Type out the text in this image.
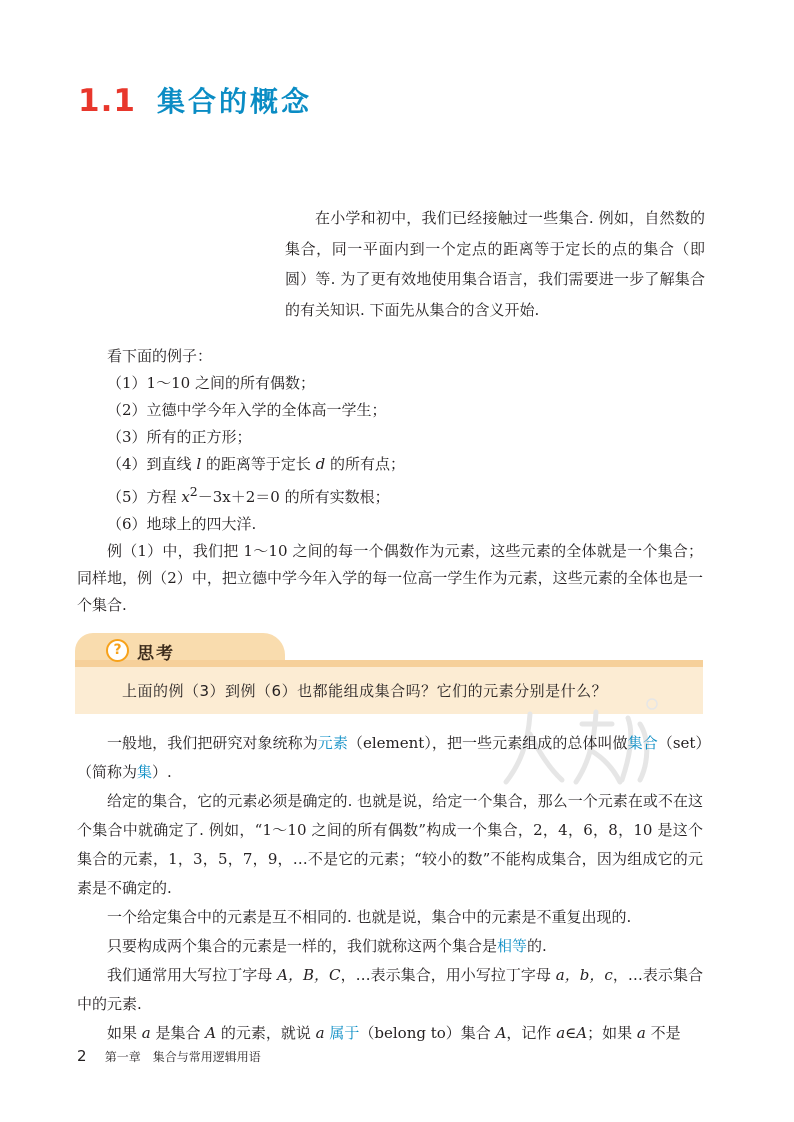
1.1 集合的概念

在小学和初中，我们已经接触过一些集合. 例如，自然数的集合，同一平面内到一个定点的距离等于定长的点的集合（即圆）等. 为了更有效地使用集合语言，我们需要进一步了解集合的有关知识. 下面先从集合的含义开始.

看下面的例子：

（1）1～10 之间的所有偶数；

（2）立德中学今年入学的全体高一学生；

（3）所有的正方形；

（4）到直线 l 的距离等于定长 d 的所有点；

（5）方程 $x^2-3x+2=0$ 的所有实数根；

（6）地球上的四大洋.

例（1）中，我们把 1～10 之间的每一个偶数作为元素，这些元素的全体就是一个集合；同样地，例（2）中，把立德中学今年入学的每一位高一学生作为元素，这些元素的全体也是一个集合.

? 思考
上面的例（3）到例（6）也都能组成集合吗？它们的元素分别是什么？

一般地，我们把研究对象统称为元素（element），把一些元素组成的总体叫做集合（set）（简称为集）.

给定的集合，它的元素必须是确定的. 也就是说，给定一个集合，那么一个元素在或不在这个集合中就确定了. 例如，“1～10 之间的所有偶数”构成一个集合，2，4，6，8，10 是这个集合的元素，1，3，5，7，9，…不是它的元素；“较小的数”不能构成集合，因为组成它的元素是不确定的.

一个给定集合中的元素是互不相同的. 也就是说，集合中的元素是不重复出现的.

只要构成两个集合的元素是一样的，我们就称这两个集合是相等的.

我们通常用大写拉丁字母 A，B，C，…表示集合，用小写拉丁字母 a，b，c，…表示集合中的元素.

如果 a 是集合 A 的元素，就说 a 属于（belong to）集合 A，记作 a∈A；如果 a 不是

2 第一章　集合与常用逻辑用语
